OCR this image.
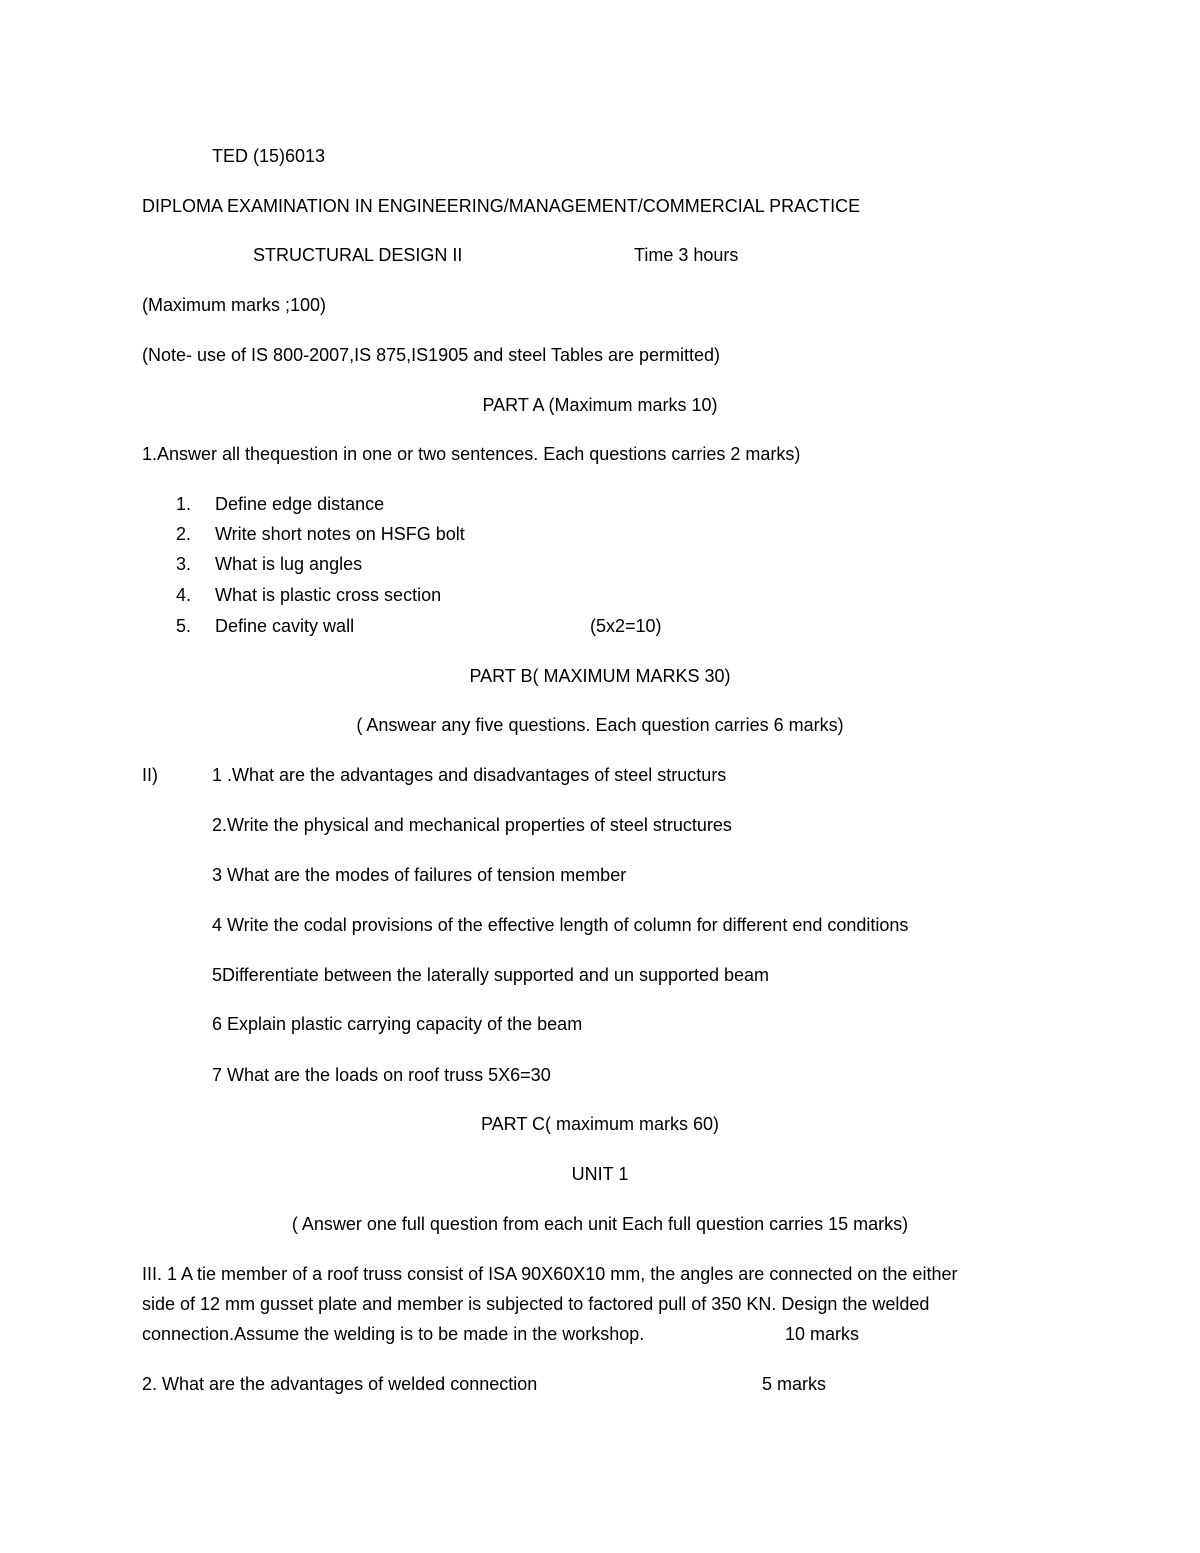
TED (15)6013
DIPLOMA EXAMINATION IN ENGINEERING/MANAGEMENT/COMMERCIAL PRACTICE
STRUCTURAL DESIGN II	Time 3 hours
(Maximum marks ;100)
(Note- use of IS 800-2007,IS 875,IS1905 and steel Tables are permitted)
PART A (Maximum marks 10)
1.Answer all thequestion in one or two sentences. Each questions carries 2 marks)
1. Define edge distance
2. Write short notes on HSFG bolt
3. What is lug angles
4. What is plastic cross section
5. Define cavity wall	(5x2=10)
PART B( MAXIMUM MARKS 30)
( Answear any five questions. Each question carries 6 marks)
II)	1 .What are the advantages and disadvantages of steel structurs
2.Write the physical and mechanical properties of steel structures
3 What are the modes of failures of tension member
4 Write the codal provisions of the effective length of column for different end conditions
5Differentiate between the laterally supported and un supported beam
6 Explain plastic carrying capacity of the beam
7 What are the loads on roof truss 5X6=30
PART C( maximum marks 60)
UNIT 1
( Answer one full question from each unit Each full question carries 15 marks)
III. 1 A tie member of a roof truss consist of ISA 90X60X10 mm, the angles are connected on the either
side of 12 mm gusset plate and member is subjected to factored pull of 350 KN. Design the welded
connection.Assume the welding is to be made in the workshop.	10 marks
2. What are the advantages of welded connection	5 marks
